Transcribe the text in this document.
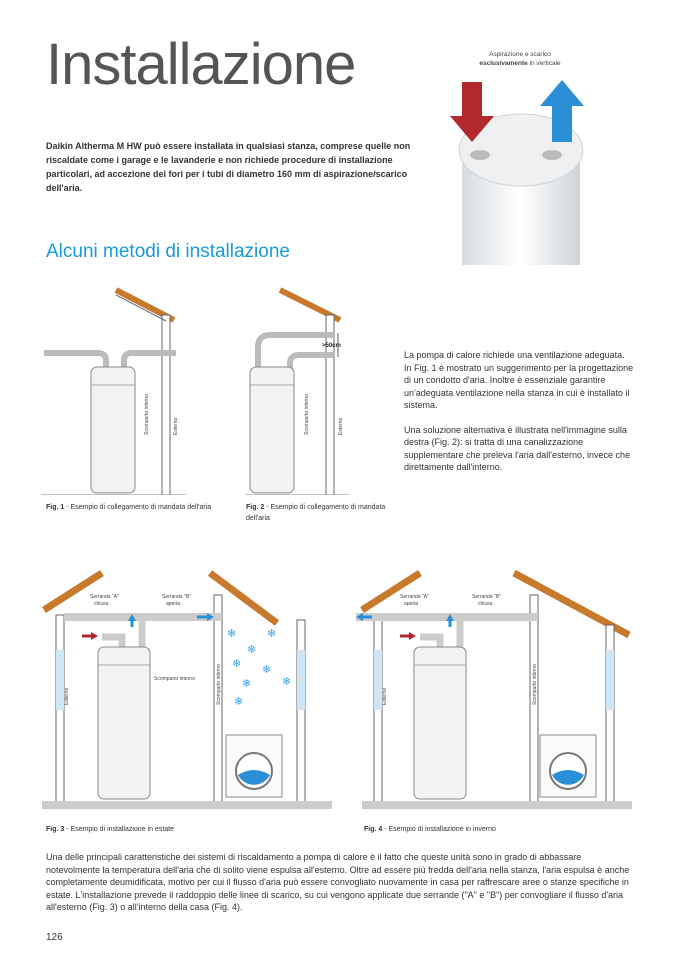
Installazione

Daikin Altherma M HW può essere installata in qualsiasi stanza, comprese quelle non riscaldate come i garage e le lavanderie e non richiede procedure di installazione particolari, ad accezione dei fori per i tubi di diametro 160 mm di aspirazione/scarico dell'aria.

Aspirazione e scarico
esclusivamente in verticale
Alcuni metodi di installazione
Scomparto interno	Esterno
Fig. 1 - Esempio di collegamento di mandata dell'aria
>50cm
Scomparto interno	Esterno
Fig. 2 - Esempio di collegamento di mandata dell'aria

La pompa di calore richiede una ventilazione adeguata. In Fig. 1 è mostrato un suggerimento per la progettazione di un condotto d'aria. Inoltre è essenziale garantire un'adeguata ventilazione nella stanza in cui è installato il sistema.

Una soluzione alternativa è illustrata nell'immagine sulla destra (Fig. 2): si tratta di una canalizzazione supplementare che preleva l'aria dall'esterno, invece che direttamente dall'interno.

Serranda "A"
chiusa
Serranda "B"
aperta
Scomparto interno	Scomparto interno
Esterno
❄	❄
❄
❄ ❄
❄	❄
❄
Fig. 3 - Esempio di installazione in estate
Serranda "A"
aperta
Serranda "B"
chiusa
Scomparto interno
Esterno
Fig. 4 - Esempio di installazione in inverno

Una delle principali caratteristiche dei sistemi di riscaldamento a pompa di calore è il fatto che queste unità sono in grado di abbassare notevolmente la temperatura dell'aria che di solito viene espulsa all'esterno. Oltre ad essere più fredda dell'aria nella stanza, l'aria espulsa è anche completamente deumidificata, motivo per cui il flusso d'aria può essere convogliato nuovamente in casa per raffrescare aree o stanze specifiche in estate. L'installazione prevede il raddoppio delle linee di scarico, su cui vengono applicate due serrande ("A" e "B") per convogliare il flusso d'aria all'esterno (Fig. 3) o all'interno della casa (Fig. 4).

126
